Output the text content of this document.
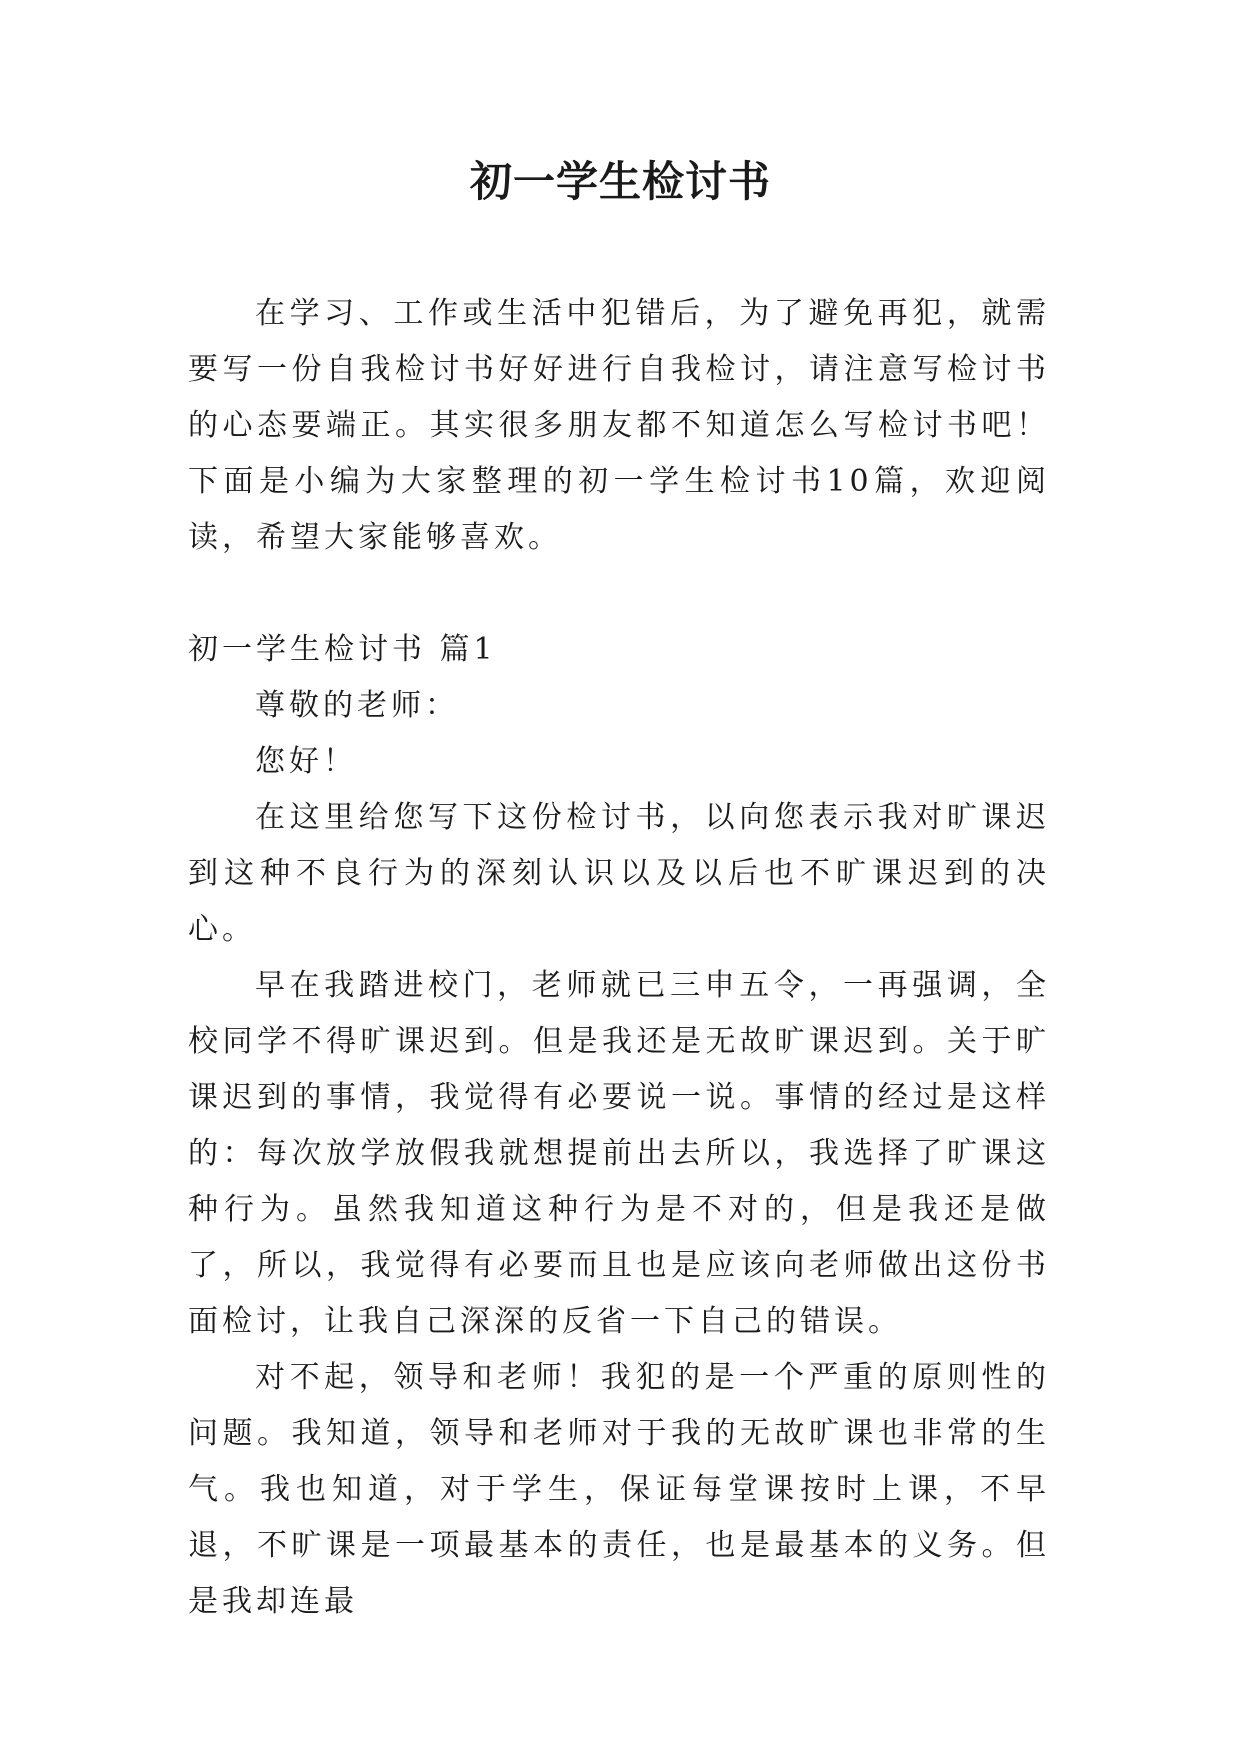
初一学生检讨书

在学习、工作或生活中犯错后，为了避免再犯，就需要写一份自我检讨书好好进行自我检讨，请注意写检讨书的心态要端正。其实很多朋友都不知道怎么写检讨书吧！下面是小编为大家整理的初一学生检讨书10篇，欢迎阅读，希望大家能够喜欢。

初一学生检讨书 篇1

尊敬的老师：

您好！

在这里给您写下这份检讨书，以向您表示我对旷课迟到这种不良行为的深刻认识以及以后也不旷课迟到的决心。

早在我踏进校门，老师就已三申五令，一再强调，全校同学不得旷课迟到。但是我还是无故旷课迟到。关于旷课迟到的事情，我觉得有必要说一说。事情的经过是这样的：每次放学放假我就想提前出去所以，我选择了旷课这种行为。虽然我知道这种行为是不对的，但是我还是做了，所以，我觉得有必要而且也是应该向老师做出这份书面检讨，让我自己深深的反省一下自己的错误。

对不起，领导和老师！我犯的是一个严重的原则性的问题。我知道，领导和老师对于我的无故旷课也非常的生气。我也知道，对于学生，保证每堂课按时上课，不早退，不旷课是一项最基本的责任，也是最基本的义务。但是我却连最
